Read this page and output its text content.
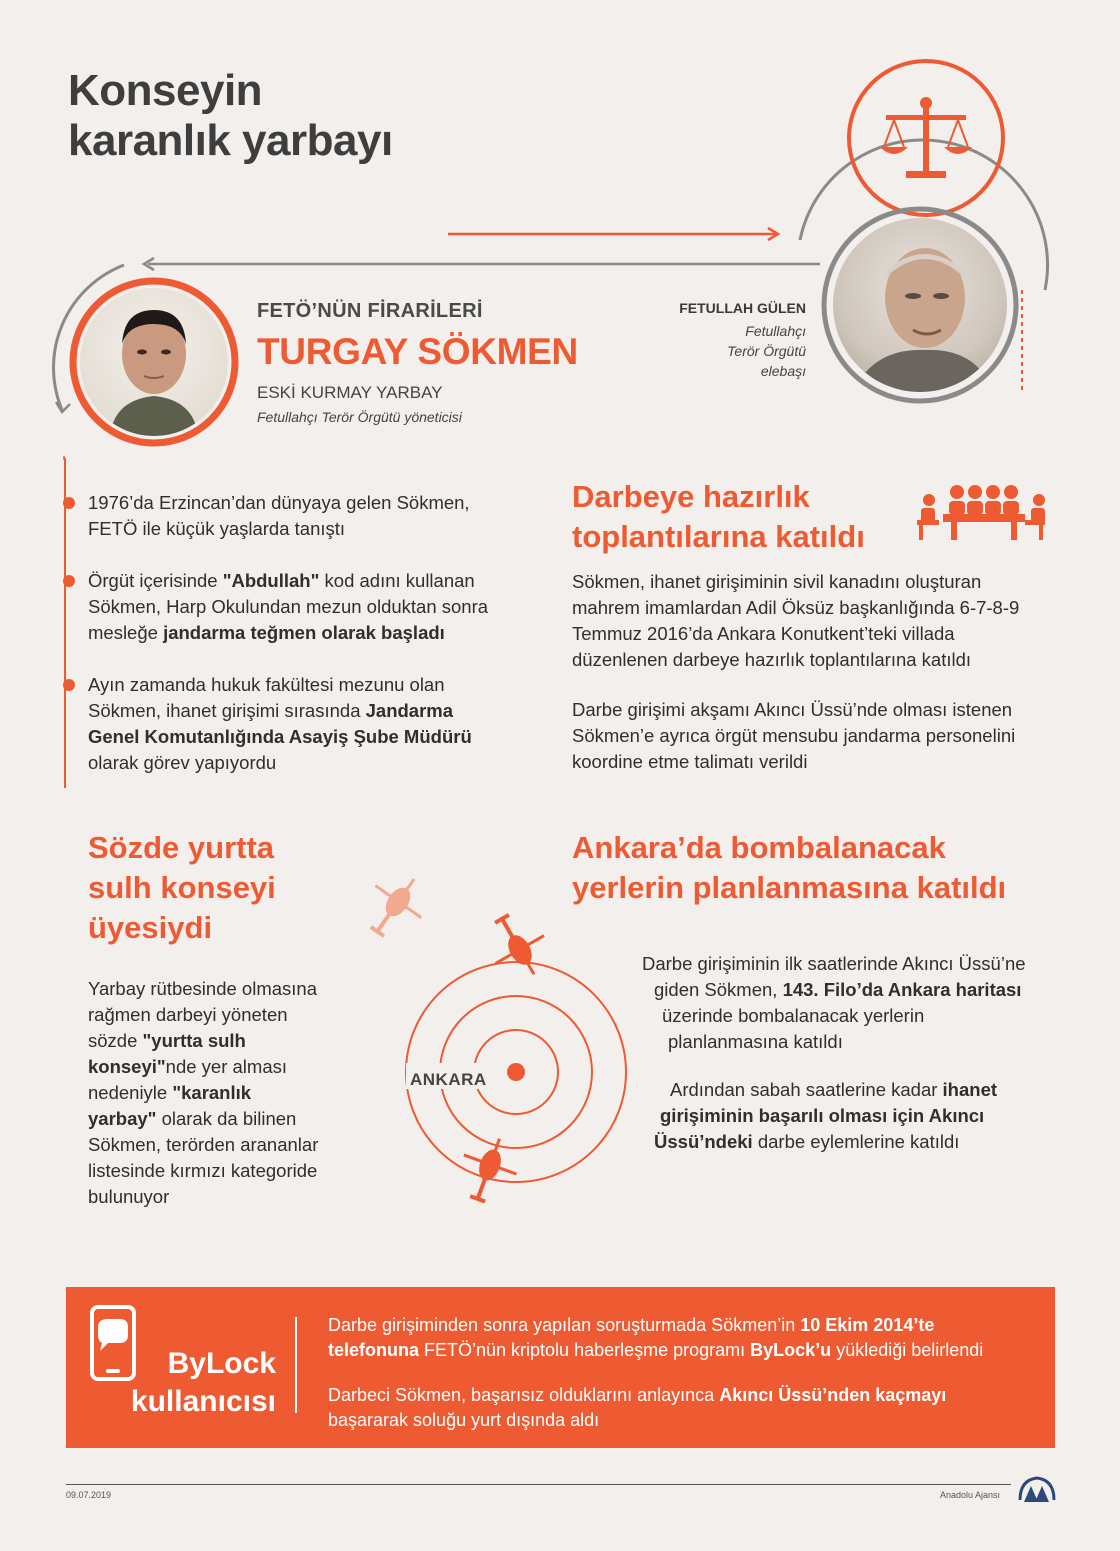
Konseyin
karanlık yarbayı
FETÖ’NÜN FİRARİLERİ
TURGAY SÖKMEN
ESKİ KURMAY YARBAY
Fetullahçı Terör Örgütü yöneticisi
FETULLAH GÜLEN
Fetullahçı
Terör Örgütü
elebaşı
1976’da Erzincan’dan dünyaya gelen Sökmen,
FETÖ ile küçük yaşlarda tanıştı
Örgüt içerisinde "Abdullah" kod adını kullanan
Sökmen, Harp Okulundan mezun olduktan sonra
mesleğe jandarma teğmen olarak başladı
Ayın zamanda hukuk fakültesi mezunu olan
Sökmen, ihanet girişimi sırasında Jandarma
Genel Komutanlığında Asayiş Şube Müdürü
olarak görev yapıyordu
Darbeye hazırlık
toplantılarına katıldı
Sökmen, ihanet girişiminin sivil kanadını oluşturan
mahrem imamlardan Adil Öksüz başkanlığında 6-7-8-9
Temmuz 2016’da Ankara Konutkent’teki villada
düzenlenen darbeye hazırlık toplantılarına katıldı
Darbe girişimi akşamı Akıncı Üssü’nde olması istenen
Sökmen’e ayrıca örgüt mensubu jandarma personelini
koordine etme talimatı verildi
Sözde yurtta
sulh konseyi
üyesiydi
Yarbay rütbesinde olmasına
rağmen darbeyi yöneten
sözde "yurtta sulh
konseyi"nde yer alması
nedeniyle "karanlık
yarbay" olarak da bilinen
Sökmen, terörden arananlar
listesinde kırmızı kategoride
bulunuyor
ANKARA
Ankara’da bombalanacak
yerlerin planlanmasına katıldı
Darbe girişiminin ilk saatlerinde Akıncı Üssü’ne
giden Sökmen, 143. Filo’da Ankara haritası
üzerinde bombalanacak yerlerin
planlanmasına katıldı
Ardından sabah saatlerine kadar ihanet
girişiminin başarılı olması için Akıncı
Üssü’ndeki darbe eylemlerine katıldı
ByLock
kullanıcısı
Darbe girişiminden sonra yapılan soruşturmada Sökmen’in 10 Ekim 2014’te
telefonuna FETÖ’nün kriptolu haberleşme programı ByLock’u yüklediği belirlendi
Darbeci Sökmen, başarısız olduklarını anlayınca Akıncı Üssü’nden kaçmayı
başararak soluğu yurt dışında aldı
09.07.2019	Anadolu Ajansı
